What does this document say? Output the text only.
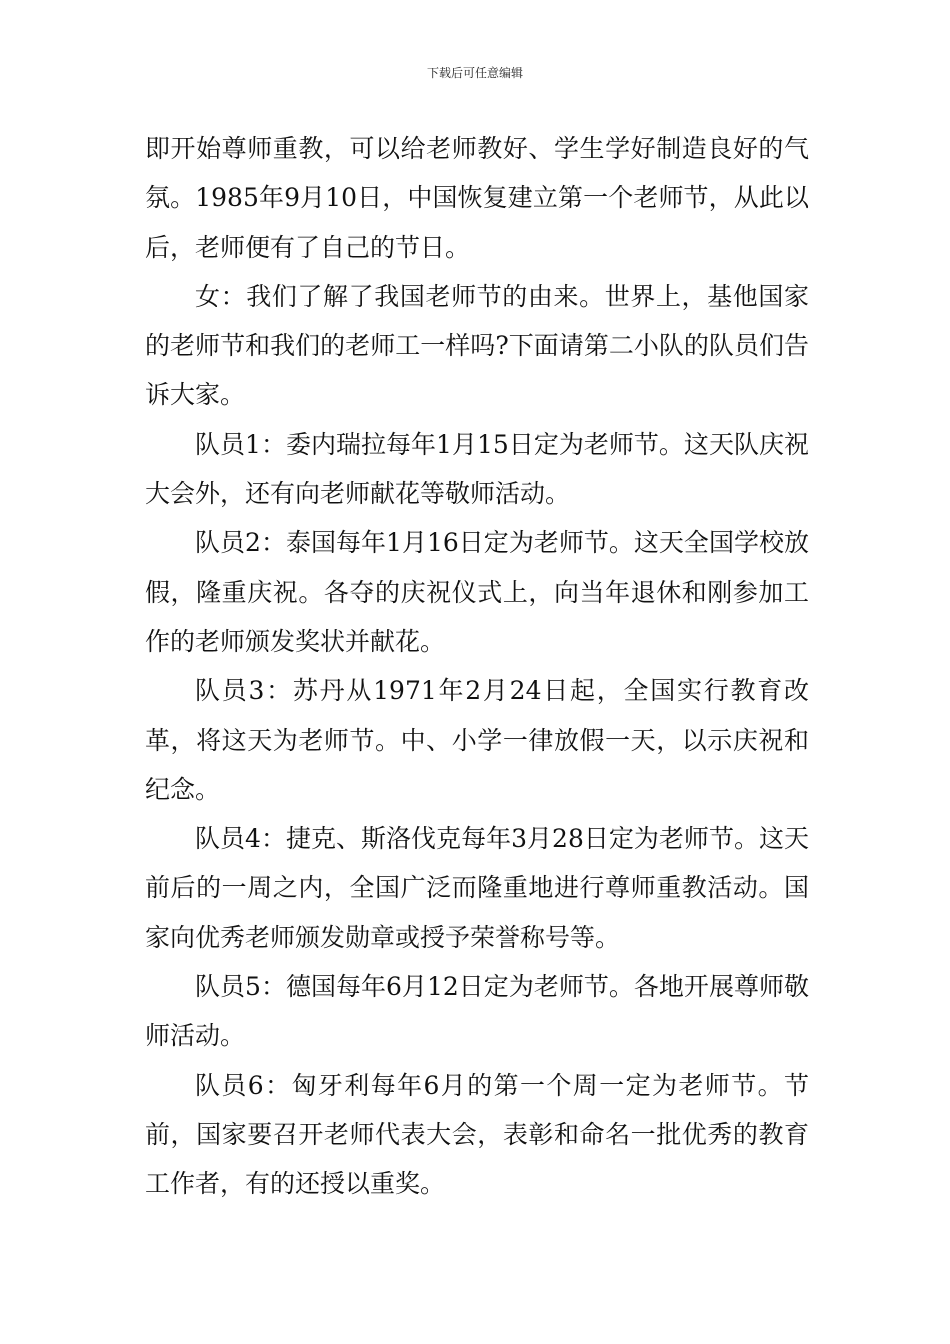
下载后可任意编辑

即开始尊师重教，可以给老师教好、学生学好制造良好的气氛。1985年9月10日，中国恢复建立第一个老师节，从此以后，老师便有了自己的节日。

女：我们了解了我国老师节的由来。世界上，基他国家的老师节和我们的老师工一样吗?下面请第二小队的队员们告诉大家。

队员1：委内瑞拉每年1月15日定为老师节。这天队庆祝大会外，还有向老师献花等敬师活动。

队员2：泰国每年1月16日定为老师节。这天全国学校放假，隆重庆祝。各夺的庆祝仪式上，向当年退休和刚参加工作的老师颁发奖状并献花。

队员3：苏丹从1971年2月24日起，全国实行教育改革，将这天为老师节。中、小学一律放假一天，以示庆祝和纪念。

队员4：捷克、斯洛伐克每年3月28日定为老师节。这天前后的一周之内，全国广泛而隆重地进行尊师重教活动。国家向优秀老师颁发勋章或授予荣誉称号等。

队员5：德国每年6月12日定为老师节。各地开展尊师敬师活动。

队员6：匈牙利每年6月的第一个周一定为老师节。节前，国家要召开老师代表大会，表彰和命名一批优秀的教育工作者，有的还授以重奖。
